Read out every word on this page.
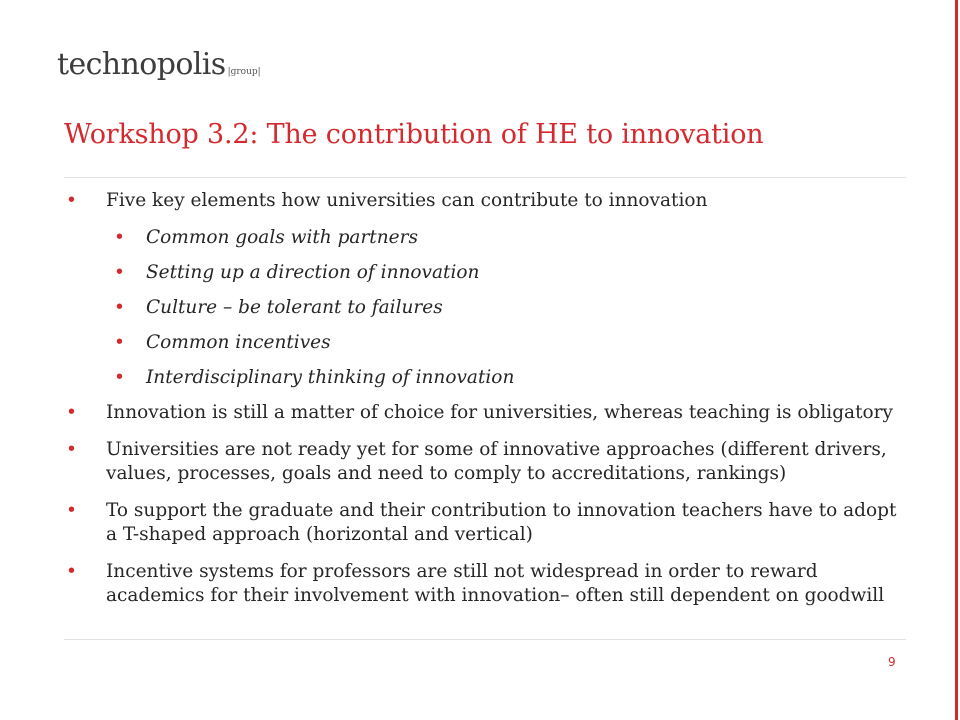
technopolis |group|
Workshop 3.2: The contribution of HE to innovation
• Five key elements how universities can contribute to innovation
• Common goals with partners
• Setting up a direction of innovation
• Culture – be tolerant to failures
• Common incentives
• Interdisciplinary thinking of innovation
• Innovation is still a matter of choice for universities, whereas teaching is obligatory
• Universities are not ready yet for some of innovative approaches (different drivers, values, processes, goals and need to comply to accreditations, rankings)
• To support the graduate and their contribution to innovation teachers have to adopt a T-shaped approach (horizontal and vertical)
• Incentive systems for professors are still not widespread in order to reward academics for their involvement with innovation– often still dependent on goodwill
9
